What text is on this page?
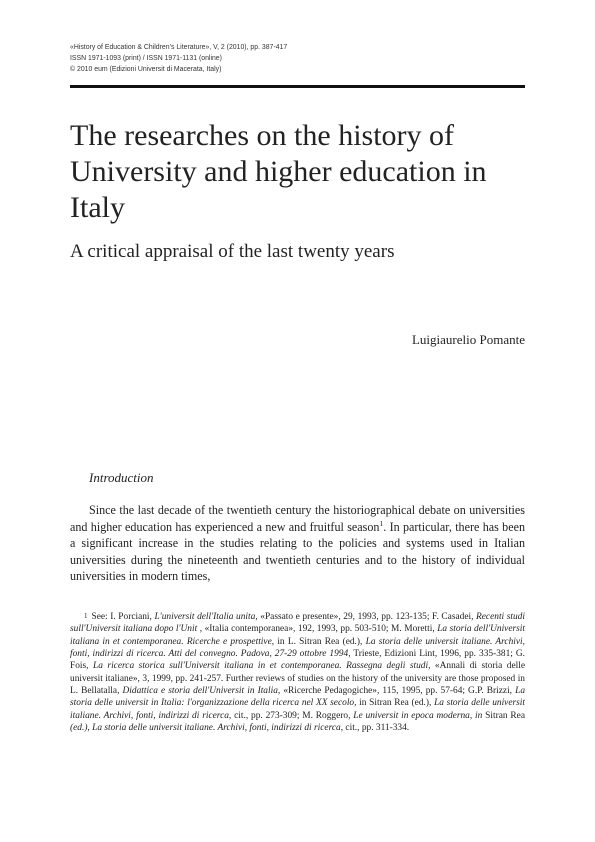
«History of Education & Children’s Literature», V, 2 (2010), pp. 387-417
ISSN 1971-1093 (print) / ISSN 1971-1131 (online)
© 2010 eum (Edizioni Universit di Macerata, Italy)
The researches on the history of University and higher education in Italy
A critical appraisal of the last twenty years
Luigiaurelio Pomante
Introduction

Since the last decade of the twentieth century the historiographical debate on universities and higher education has experienced a new and fruitful season$^1$. In particular, there has been a significant increase in the studies relating to the policies and systems used in Italian universities during the nineteenth and twentieth centuries and to the history of individual universities in modern times,

1 See: I. Porciani, L'universit dell'Italia unita, «Passato e presente», 29, 1993, pp. 123-135; F. Casadei, Recenti studi sull'Universit italiana dopo l'Unit , «Italia contemporanea», 192, 1993, pp. 503-510; M. Moretti, La storia dell'Universit italiana in et contemporanea. Ricerche e prospettive, in L. Sitran Rea (ed.), La storia delle universit italiane. Archivi, fonti, indirizzi di ricerca. Atti del convegno. Padova, 27-29 ottobre 1994, Trieste, Edizioni Lint, 1996, pp. 335-381; G. Fois, La ricerca storica sull'Universit italiana in et contemporanea. Rassegna degli studi, «Annali di storia delle universit italiane», 3, 1999, pp. 241-257. Further reviews of studies on the history of the university are those proposed in L. Bellatalla, Didattica e storia dell'Universit in Italia, «Ricerche Pedagogiche», 115, 1995, pp. 57-64; G.P. Brizzi, La storia delle universit in Italia: l'organizzazione della ricerca nel XX secolo, in Sitran Rea (ed.), La storia delle universit italiane. Archivi, fonti, indirizzi di ricerca, cit., pp. 273-309; M. Roggero, Le universit in epoca moderna, in Sitran Rea (ed.), La storia delle universit italiane. Archivi, fonti, indirizzi di ricerca, cit., pp. 311-334.
